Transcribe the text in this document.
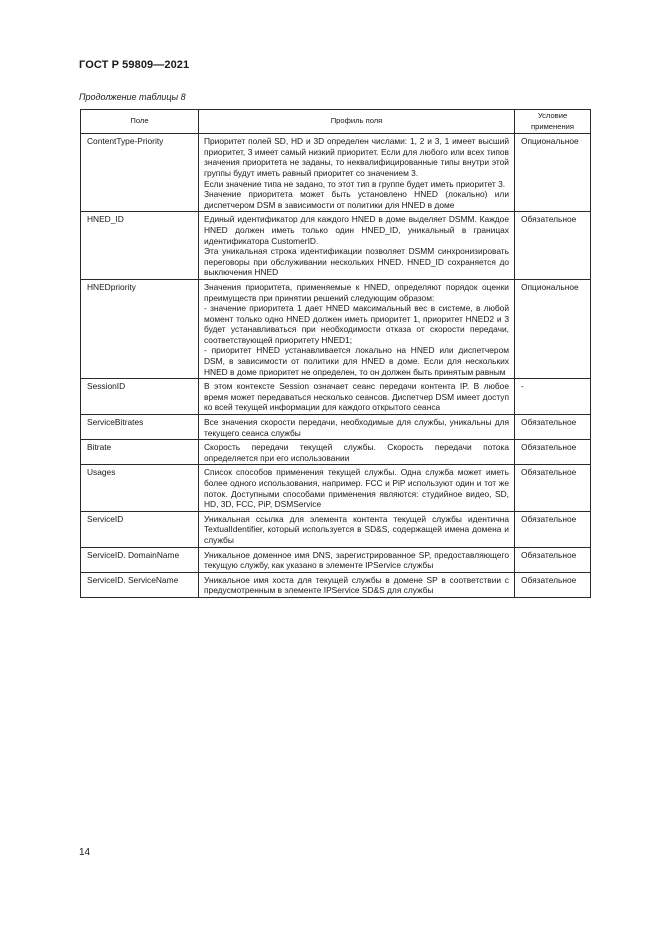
ГОСТ Р 59809—2021
Продолжение таблицы 8
Поле	Профиль поля	Условие применения
ContentType-Priority	Приоритет полей SD, HD и 3D определен числами: 1, 2 и 3, 1 имеет высший приоритет, 3 имеет самый низкий приоритет. Если для любого или всех типов значения приоритета не заданы, то неквалифицированные типы внутри этой группы будут иметь равный приоритет со значением 3.
Если значение типа не задано, то этот тип в группе будет иметь приоритет 3.
Значение приоритета может быть установлено HNED (локально) или диспетчером DSM в зависимости от политики для HNED в доме	Опциональное
HNED_ID	Единый идентификатор для каждого HNED в доме выделяет DSMM. Каждое HNED должен иметь только один HNED_ID, уникальный в границах идентификатора CustomerID.
Эта уникальная строка идентификации позволяет DSMM синхронизировать переговоры при обслуживании нескольких HNED. HNED_ID сохраняется до выключения HNED	Обязательное
HNEDpriority	Значения приоритета, применяемые к HNED, определяют порядок оценки преимуществ при принятии решений следующим образом:
- значение приоритета 1 дает HNED максимальный вес в системе, в любой момент только одно HNED должен иметь приоритет 1, приоритет HNED2 и 3 будет устанавливаться при необходимости отказа от скорости передачи, соответствующей приоритету HNED1;
- приоритет HNED устанавливается локально на HNED или диспетчером DSM, в зависимости от политики для HNED в доме. Если для нескольких HNED в доме приоритет не определен, то он должен быть принятым равным	Опциональное
SessionID	В этом контексте Session означает сеанс передачи контента IP. В любое время может передаваться несколько сеансов. Диспетчер DSM имеет доступ ко всей текущей информации для каждого открытого сеанса	-
ServiceBitrates	Все значения скорости передачи, необходимые для службы, уникальны для текущего сеанса службы	Обязательное
Bitrate	Скорость передачи текущей службы. Скорость передачи потока определяется при его использовании	Обязательное
Usages	Список способов применения текущей службы. Одна служба может иметь более одного использования, например. FCC и PiP используют один и тот же поток. Доступными способами применения являются: студийное видео, SD, HD, 3D, FCC, PiP, DSMService	Обязательное
ServiceID	Уникальная ссылка для элемента контента текущей службы идентична TextualIdentifier, который используется в SD&S, содержащей имена домена и службы	Обязательное
ServiceID. DomainName	Уникальное доменное имя DNS, зарегистрированное SP, предоставляющего текущую службу, как указано в элементе IPService службы	Обязательное
ServiceID. ServiceName	Уникальное имя хоста для текущей службы в домене SP в соответствии с предусмотренным в элементе IPService SD&S для службы	Обязательное
14
